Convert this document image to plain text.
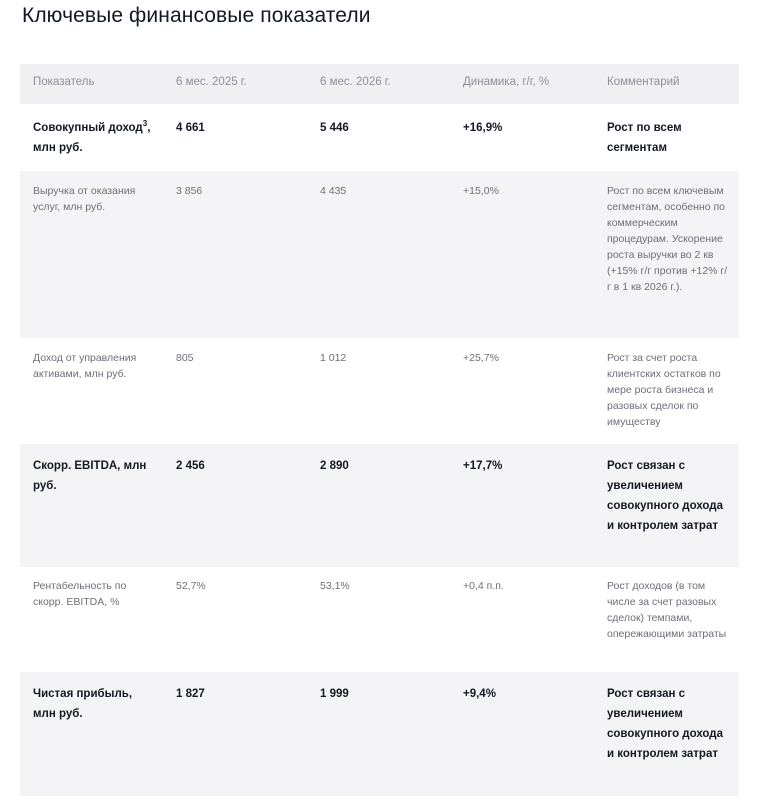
Ключевые финансовые показатели
Показатель	6 мес. 2025 г.	6 мес. 2026 г.	Динамика, г/г, %	Комментарий
Совокупный доход$^3$, млн руб.	4 661	5 446	+16,9%	Рост по всем сегментам
Выручка от оказания услуг, млн руб.	3 856	4 435	+15,0%	Рост по всем ключевым сегментам, особенно по коммерческим процедурам. Ускорение роста выручки во 2 кв (+15% г/г против +12% г/г в 1 кв 2026 г.).
Доход от управления активами, млн руб.	805	1 012	+25,7%	Рост за счет роста клиентских остатков по мере роста бизнеса и разовых сделок по имуществу
Скорр. EBITDA, млн руб.	2 456	2 890	+17,7%	Рост связан с увеличением совокупного дохода и контролем затрат
Рентабельность по скорр. EBITDA, %	52,7%	53,1%	+0,4 п.п.	Рост доходов (в том числе за счет разовых сделок) темпами, опережающими затраты
Чистая прибыль, млн руб.	1 827	1 999	+9,4%	Рост связан с увеличением совокупного дохода и контролем затрат
